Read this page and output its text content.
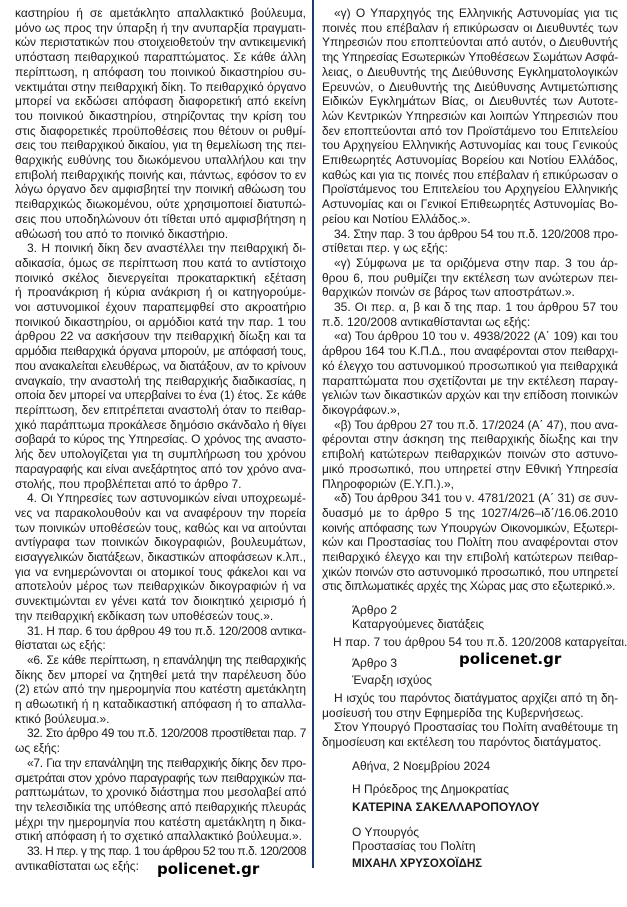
καστηρίου ή σε αμετάκλητο απαλλακτικό βούλευμα,
μόνο ως προς την ύπαρξη ή την ανυπαρξία πραγματι-
κών περιστατικών που στοιχειοθετούν την αντικειμενική
υπόσταση πειθαρχικού παραπτώματος. Σε κάθε άλλη
περίπτωση, η απόφαση του ποινικού δικαστηρίου συ-
νεκτιμάται στην πειθαρχική δίκη. Το πειθαρχικό όργανο
μπορεί να εκδώσει απόφαση διαφορετική από εκείνη
του ποινικού δικαστηρίου, στηρίζοντας την κρίση του
στις διαφορετικές προϋποθέσεις που θέτουν οι ρυθμί-
σεις του πειθαρχικού δικαίου, για τη θεμελίωση της πει-
θαρχικής ευθύνης του διωκόμενου υπαλλήλου και την
επιβολή πειθαρχικής ποινής και, πάντως, εφόσον το εν
λόγω όργανο δεν αμφισβητεί την ποινική αθώωση του
πειθαρχικώς διωκομένου, ούτε χρησιμοποιεί διατυπώ-
σεις που υποδηλώνουν ότι τίθεται υπό αμφισβήτηση η
αθώωσή του από το ποινικό δικαστήριο.
3. Η ποινική δίκη δεν αναστέλλει την πειθαρχική δι-
αδικασία, όμως σε περίπτωση που κατά το αντίστοιχο
ποινικό σκέλος διενεργείται προκαταρκτική εξέταση
ή προανάκριση ή κύρια ανάκριση ή οι κατηγορούμε-
νοι αστυνομικοί έχουν παραπεμφθεί στο ακροατήριο
ποινικού δικαστηρίου, οι αρμόδιοι κατά την παρ. 1 του
άρθρου 22 να ασκήσουν την πειθαρχική δίωξη και τα
αρμόδια πειθαρχικά όργανα μπορούν, με απόφασή τους,
που ανακαλείται ελευθέρως, να διατάξουν, αν το κρίνουν
αναγκαίο, την αναστολή της πειθαρχικής διαδικασίας, η
οποία δεν μπορεί να υπερβαίνει το ένα (1) έτος. Σε κάθε
περίπτωση, δεν επιτρέπεται αναστολή όταν το πειθαρ-
χικό παράπτωμα προκάλεσε δημόσιο σκάνδαλο ή θίγει
σοβαρά το κύρος της Υπηρεσίας. Ο χρόνος της αναστο-
λής δεν υπολογίζεται για τη συμπλήρωση του χρόνου
παραγραφής και είναι ανεξάρτητος από τον χρόνο ανα-
στολής, που προβλέπεται από το άρθρο 7.
4. Οι Υπηρεσίες των αστυνομικών είναι υποχρεωμέ-
νες να παρακολουθούν και να αναφέρουν την πορεία
των ποινικών υποθέσεών τους, καθώς και να αιτούνται
αντίγραφα των ποινικών δικογραφιών, βουλευμάτων,
εισαγγελικών διατάξεων, δικαστικών αποφάσεων κ.λπ.,
για να ενημερώνονται οι ατομικοί τους φάκελοι και να
αποτελούν μέρος των πειθαρχικών δικογραφιών ή να
συνεκτιμώνται εν γένει κατά τον διοικητικό χειρισμό ή
την πειθαρχική εκδίκαση των υποθέσεών τους.».
31. Η παρ. 6 του άρθρου 49 του π.δ. 120/2008 αντικα-
θίσταται ως εξής:
«6. Σε κάθε περίπτωση, η επανάληψη της πειθαρχικής
δίκης δεν μπορεί να ζητηθεί μετά την παρέλευση δύο
(2) ετών από την ημερομηνία που κατέστη αμετάκλητη
η αθωωτική ή η καταδικαστική απόφαση ή το απαλλα-
κτικό βούλευμα.».
32. Στο άρθρο 49 του π.δ. 120/2008 προστίθεται παρ. 7
ως εξής:
«7. Για την επανάληψη της πειθαρχικής δίκης δεν προ-
σμετράται στον χρόνο παραγραφής των πειθαρχικών πα-
ραπτωμάτων, το χρονικό διάστημα που μεσολαβεί από
την τελεσιδικία της υπόθεσης από πειθαρχικής πλευράς
μέχρι την ημερομηνία που κατέστη αμετάκλητη η δικα-
στική απόφαση ή το σχετικό απαλλακτικό βούλευμα.».
33. Η περ. γ της παρ. 1 του άρθρου 52 του π.δ. 120/2008
αντικαθίσταται ως εξής:
«γ) Ο Υπαρχηγός της Ελληνικής Αστυνομίας για τις
ποινές που επέβαλαν ή επικύρωσαν οι Διευθυντές των
Υπηρεσιών που εποπτεύονται από αυτόν, ο Διευθυντής
της Υπηρεσίας Εσωτερικών Υποθέσεων Σωμάτων Ασφά-
λειας, ο Διευθυντής της Διεύθυνσης Εγκληματολογικών
Ερευνών, ο Διευθυντής της Διεύθυνσης Αντιμετώπισης
Ειδικών Εγκλημάτων Βίας, οι Διευθυντές των Αυτοτε-
λών Κεντρικών Υπηρεσιών και λοιπών Υπηρεσιών που
δεν εποπτεύονται από τον Προϊστάμενο του Επιτελείου
του Αρχηγείου Ελληνικής Αστυνομίας και τους Γενικούς
Επιθεωρητές Αστυνομίας Βορείου και Νοτίου Ελλάδος,
καθώς και για τις ποινές που επέβαλαν ή επικύρωσαν ο
Προϊστάμενος του Επιτελείου του Αρχηγείου Ελληνικής
Αστυνομίας και οι Γενικοί Επιθεωρητές Αστυνομίας Βο-
ρείου και Νοτίου Ελλάδος.».
34. Στην παρ. 3 του άρθρου 54 του π.δ. 120/2008 προ-
στίθεται περ. γ ως εξής:
«γ) Σύμφωνα με τα οριζόμενα στην παρ. 3 του άρ-
θρου 6, που ρυθμίζει την εκτέλεση των ανώτερων πει-
θαρχικών ποινών σε βάρος των αποστράτων.».
35. Οι περ. α, β και δ της παρ. 1 του άρθρου 57 του
π.δ. 120/2008 αντικαθίστανται ως εξής:
«α) Του άρθρου 10 του ν. 4938/2022 (Α΄ 109) και του
άρθρου 164 του Κ.Π.Δ., που αναφέρονται στον πειθαρχι-
κό έλεγχο του αστυνομικού προσωπικού για πειθαρχικά
παραπτώματα που σχετίζονται με την εκτέλεση παραγ-
γελιών των δικαστικών αρχών και την επίδοση ποινικών
δικογράφων.»,
«β) Του άρθρου 27 του π.δ. 17/2024 (Α΄ 47), που ανα-
φέρονται στην άσκηση της πειθαρχικής δίωξης και την
επιβολή κατώτερων πειθαρχικών ποινών στο αστυνο-
μικό προσωπικό, που υπηρετεί στην Εθνική Υπηρεσία
Πληροφοριών (Ε.Υ.Π.).»,
«δ) Του άρθρου 341 του ν. 4781/2021 (Α΄ 31) σε συν-
δυασμό με το άρθρο 5 της 1027/4/26–ιδ΄/16.06.2010
κοινής απόφασης των Υπουργών Οικονομικών, Εξωτερι-
κών και Προστασίας του Πολίτη που αναφέρονται στον
πειθαρχικό έλεγχο και την επιβολή κατώτερων πειθαρ-
χικών ποινών στο αστυνομικό προσωπικό, που υπηρετεί
στις διπλωματικές αρχές της Χώρας μας στο εξωτερικό.».
Άρθρο 2
Καταργούμενες διατάξεις
Η παρ. 7 του άρθρου 54 του π.δ. 120/2008 καταργείται.
Άρθρο 3
Έναρξη ισχύος
Η ισχύς του παρόντος διατάγματος αρχίζει από τη δη-
μοσίευσή του στην Εφημερίδα της Κυβερνήσεως.
Στον Υπουργό Προστασίας του Πολίτη αναθέτουμε τη
δημοσίευση και εκτέλεση του παρόντος διατάγματος.
Αθήνα, 2 Νοεμβρίου 2024
Η Πρόεδρος της Δημοκρατίας
ΚΑΤΕΡΙΝΑ ΣΑΚΕΛΛΑΡΟΠΟΥΛΟΥ
Ο Υπουργός
Προστασίας του Πολίτη
ΜΙΧΑΗΛ ΧΡΥΣΟΧΟΪΔΗΣ
policenet.gr
policenet.gr
